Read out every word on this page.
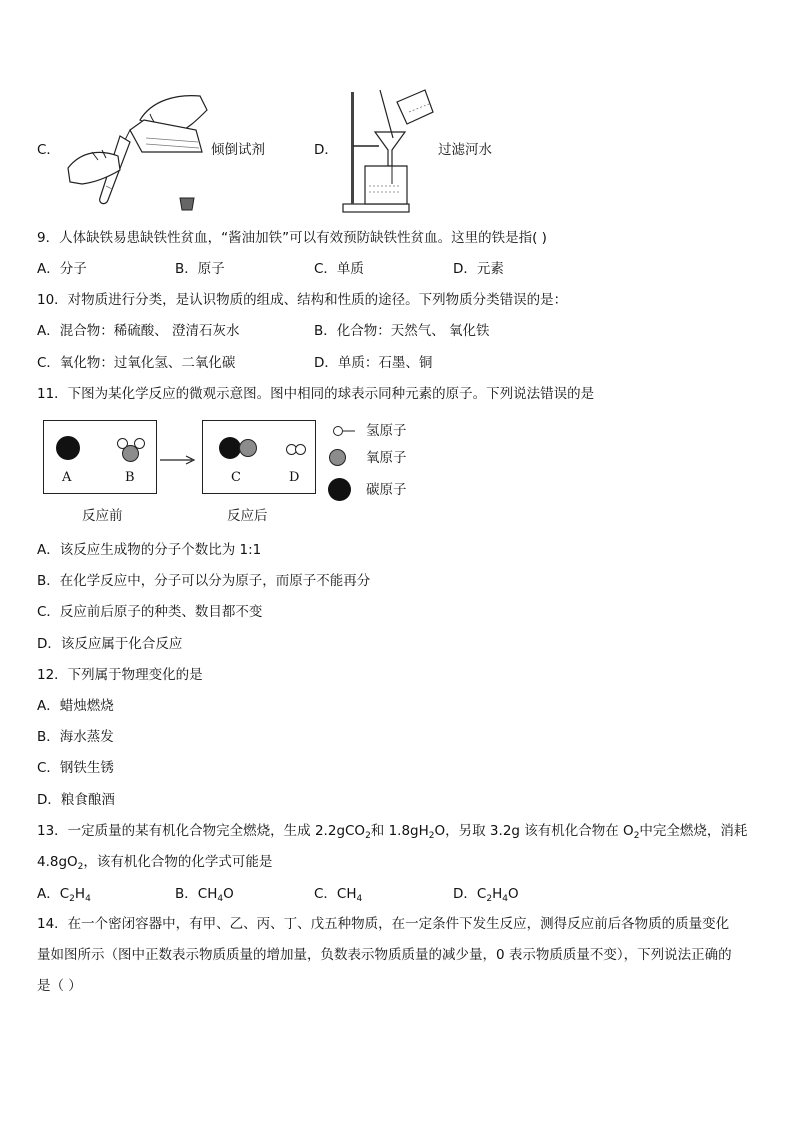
C．	倾倒试剂	D．	过滤河水
9．人体缺铁易患缺铁性贫血，“酱油加铁”可以有效预防缺铁性贫血。这里的铁是指( )
A．分子	B．原子	C．单质	D．元素
10．对物质进行分类，是认识物质的组成、结构和性质的途径。下列物质分类错误的是：
A．混合物：稀硫酸、 澄清石灰水	B．化合物：天然气、 氧化铁
C．氧化物：过氧化氢、二氧化碳	D．单质：石墨、铜
11．下图为某化学反应的微观示意图。图中相同的球表示同种元素的原子。下列说法错误的是
A	B	C	D
氢原子
氧原子
碳原子
反应前	反应后
A．该反应生成物的分子个数比为 1:1
B．在化学反应中，分子可以分为原子，而原子不能再分
C．反应前后原子的种类、数目都不变
D．该反应属于化合反应
12．下列属于物理变化的是
A．蜡烛燃烧
B．海水蒸发
C．钢铁生锈
D．粮食酿酒
13．一定质量的某有机化合物完全燃烧，生成 2.2gCO$_2$和 $1.8gH_2O$，另取 3.2g 该有机化合物在 $O_2$中完全燃烧，消耗
$4.8gO_2$，该有机化合物的化学式可能是
A．$C_2H_4$	B．$CH_4O$	C．$CH_4$	D．$C_2H_4O$
14．在一个密闭容器中，有甲、乙、丙、丁、戊五种物质，在一定条件下发生反应，测得反应前后各物质的质量变化
量如图所示（图中正数表示物质质量的增加量，负数表示物质质量的减少量，0 表示物质质量不变），下列说法正确的
是（ ）
